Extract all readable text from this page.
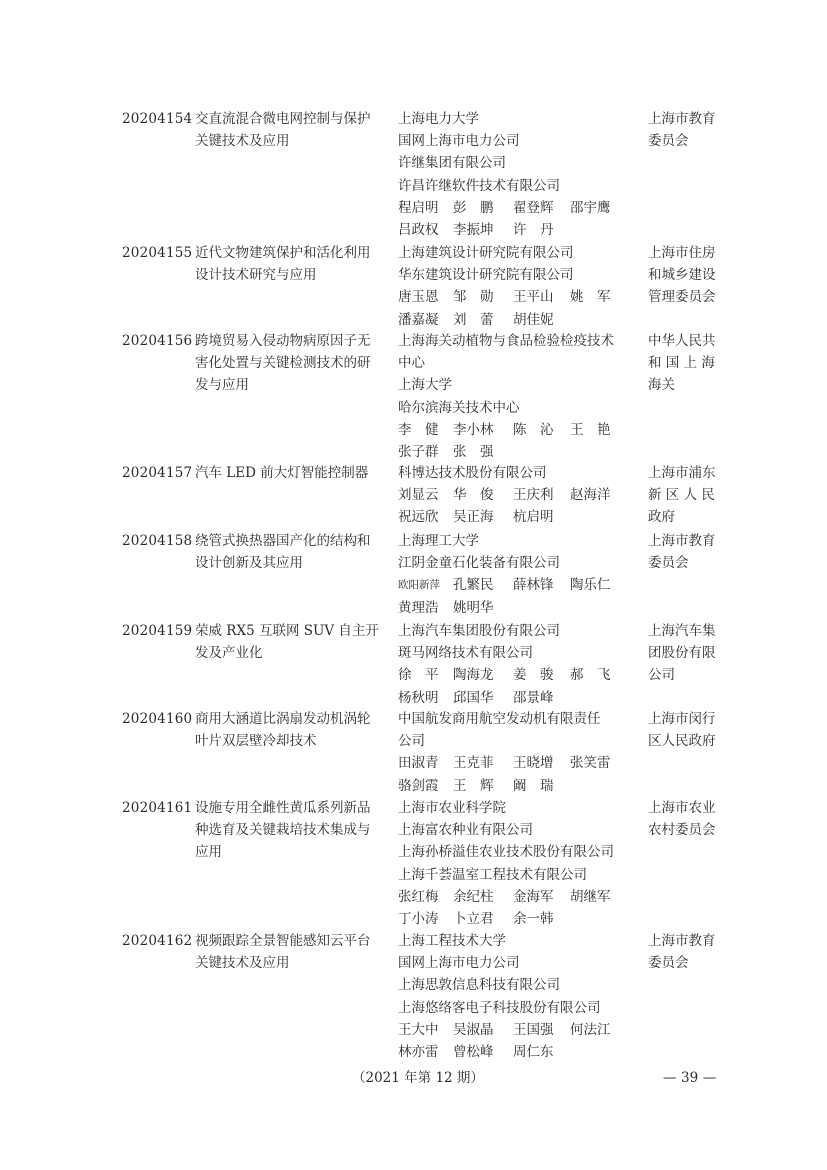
20204154 交直流混合微电网控制与保护
关键技术及应用
上海电力大学
国网上海市电力公司
许继集团有限公司
许昌许继软件技术有限公司
程启明 彭　鹏 翟登辉 邵宇鹰
吕政权 李振坤 许　丹
上海市教育
委员会
20204155 近代文物建筑保护和活化利用
设计技术研究与应用
上海建筑设计研究院有限公司
华东建筑设计研究院有限公司
唐玉恩 邹　勋 王平山 姚　军
潘嘉凝 刘　蕾 胡佳妮
上海市住房
和城乡建设
管理委员会
20204156 跨境贸易入侵动物病原因子无
害化处置与关键检测技术的研
发与应用
上海海关动植物与食品检验检疫技术
中心
上海大学
哈尔滨海关技术中心
李　健 李小林 陈　沁 王　艳
张子群 张　强
中华人民共
和 国 上 海
海关
20204157 汽车 LED 前大灯智能控制器	科博达技术股份有限公司
刘显云 华　俊 王庆利 赵海洋
祝远欣 吴正海 杭启明
上海市浦东
新 区 人 民
政府
20204158 绕管式换热器国产化的结构和
设计创新及其应用
上海理工大学
江阴金童石化装备有限公司
欧阳新萍 孔繁民 薛林锋 陶乐仁
黄理浩 姚明华
上海市教育
委员会
20204159 荣威 RX5 互联网 SUV 自主开
发及产业化
上海汽车集团股份有限公司
斑马网络技术有限公司
徐　平 陶海龙 姜　骏 郝　飞
杨秋明 邱国华 邵景峰
上海汽车集
团股份有限
公司
20204160 商用大涵道比涡扇发动机涡轮
叶片双层壁冷却技术
中国航发商用航空发动机有限责任
公司
田淑青 王克菲 王晓增 张笑雷
骆剑霞 王　辉 阚　瑞
上海市闵行
区人民政府
20204161 设施专用全雌性黄瓜系列新品
种选育及关键栽培技术集成与
应用
上海市农业科学院
上海富农种业有限公司
上海孙桥溢佳农业技术股份有限公司
上海千荟温室工程技术有限公司
张红梅 余纪柱 金海军 胡继军
丁小涛 卜立君 余一韩
上海市农业
农村委员会
20204162 视频跟踪全景智能感知云平台
关键技术及应用
上海工程技术大学
国网上海市电力公司
上海思敦信息科技有限公司
上海悠络客电子科技股份有限公司
王大中 吴淑晶 王国强 何法江
林亦雷 曾松峰 周仁东
上海市教育
委员会
（2021 年第 12 期）	— 39 —
